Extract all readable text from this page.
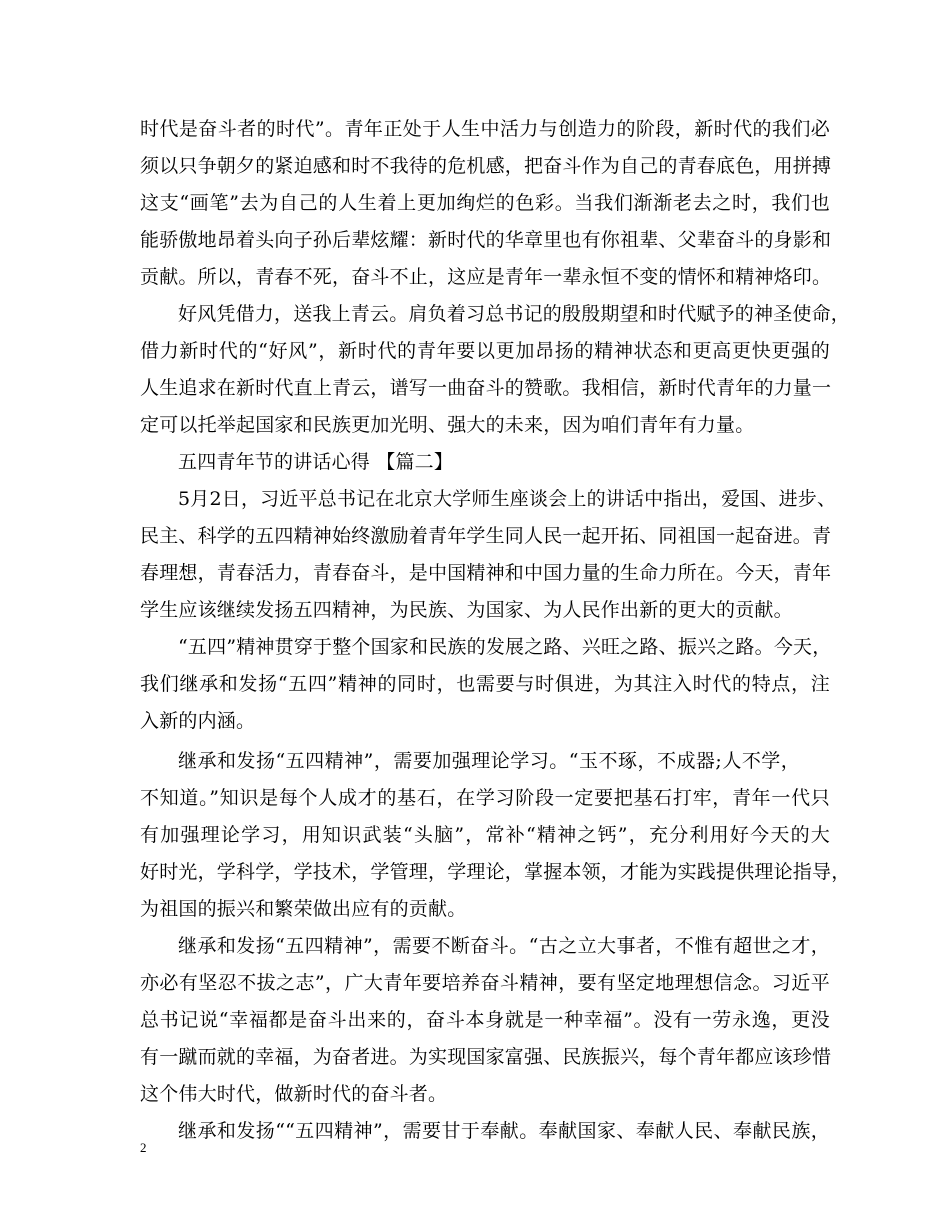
时代是奋斗者的时代”。青年正处于人生中活力与创造力的阶段，新时代的我们必
须以只争朝夕的紧迫感和时不我待的危机感，把奋斗作为自己的青春底色，用拼搏
这支“画笔”去为自己的人生着上更加绚烂的色彩。当我们渐渐老去之时，我们也
能骄傲地昂着头向子孙后辈炫耀：新时代的华章里也有你祖辈、父辈奋斗的身影和
贡献。所以，青春不死，奋斗不止，这应是青年一辈永恒不变的情怀和精神烙印。
好风凭借力，送我上青云。肩负着习总书记的殷殷期望和时代赋予的神圣使命，
借力新时代的“好风”，新时代的青年要以更加昂扬的精神状态和更高更快更强的
人生追求在新时代直上青云，谱写一曲奋斗的赞歌。我相信，新时代青年的力量一
定可以托举起国家和民族更加光明、强大的未来，因为咱们青年有力量。
五四青年节的讲话心得 【篇二】
5月2日，习近平总书记在北京大学师生座谈会上的讲话中指出，爱国、进步、
民主、科学的五四精神始终激励着青年学生同人民一起开拓、同祖国一起奋进。青
春理想，青春活力，青春奋斗，是中国精神和中国力量的生命力所在。今天，青年
学生应该继续发扬五四精神，为民族、为国家、为人民作出新的更大的贡献。
“五四”精神贯穿于整个国家和民族的发展之路、兴旺之路、振兴之路。今天，
我们继承和发扬“五四”精神的同时，也需要与时俱进，为其注入时代的特点，注
入新的内涵。
继承和发扬“五四精神”，需要加强理论学习。“玉不琢，不成器;人不学，
不知道。”知识是每个人成才的基石，在学习阶段一定要把基石打牢，青年一代只
有加强理论学习，用知识武装“头脑”，常补“精神之钙”，充分利用好今天的大
好时光，学科学，学技术，学管理，学理论，掌握本领，才能为实践提供理论指导，
为祖国的振兴和繁荣做出应有的贡献。
继承和发扬“五四精神”，需要不断奋斗。“古之立大事者，不惟有超世之才，
亦必有坚忍不拔之志”，广大青年要培养奋斗精神，要有坚定地理想信念。习近平
总书记说“幸福都是奋斗出来的，奋斗本身就是一种幸福”。没有一劳永逸，更没
有一蹴而就的幸福，为奋者进。为实现国家富强、民族振兴，每个青年都应该珍惜
这个伟大时代，做新时代的奋斗者。
继承和发扬““五四精神”，需要甘于奉献。奉献国家、奉献人民、奉献民族，
2
